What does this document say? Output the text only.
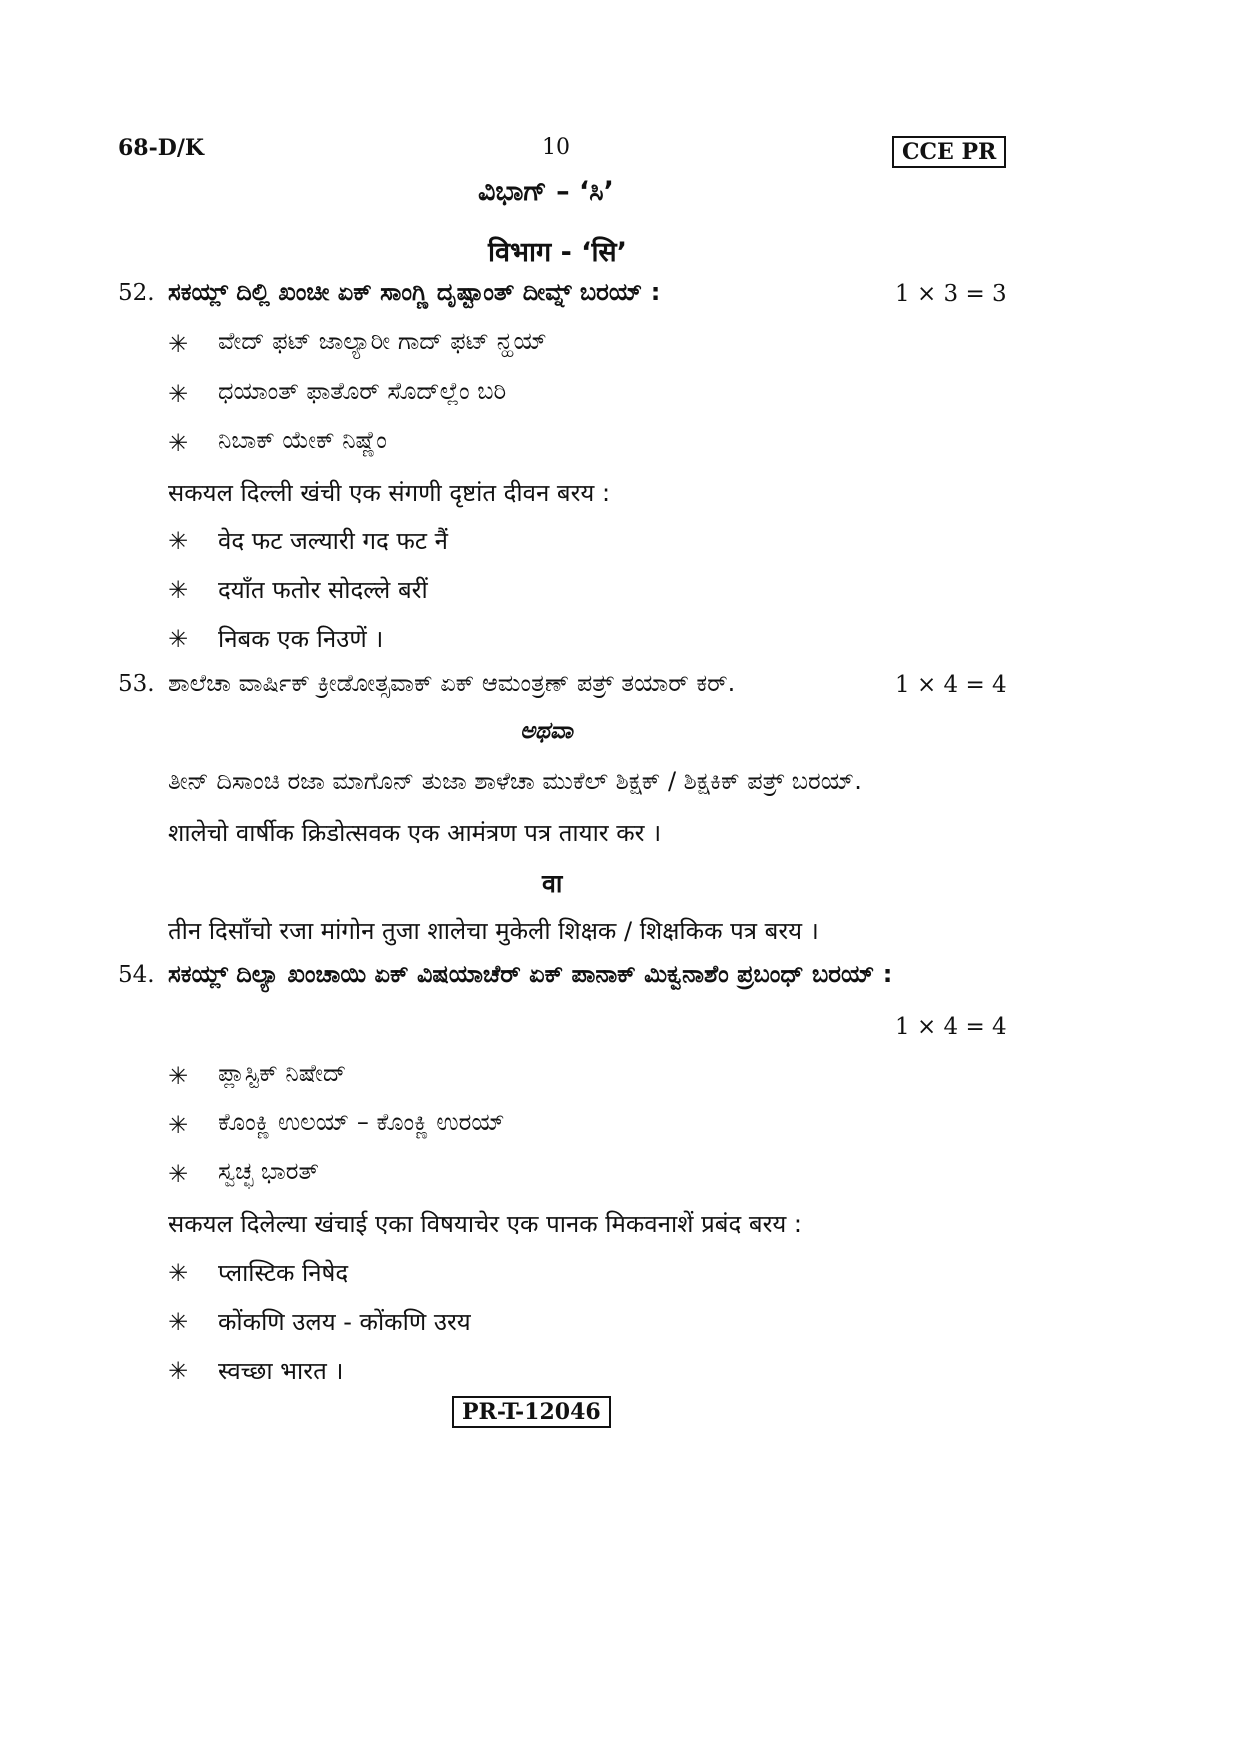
68-D/K	10	CCE PR
ವಿಭಾಗ್ – ‘ಸಿ’
विभाग - ‘सि’
52. ಸಕಯ್ಲ್ ದಿಲ್ಲಿ ಖಂಚೀ ಏಕ್ ಸಾಂಗ್ಣಿ ದೃಷ್ಟಾಂತ್ ದೀವ್ನ್ ಬರಯ್ :	1 × 3 = 3
✳ ವೇದ್ ಫಟ್ ಜಾಲ್ಯಾರೀ ಗಾದ್ ಫಟ್ ನ್ಹಯ್
✳ ಧಯಾಂತ್ ಫಾತೊರ್ ಸೊದ್‌ಲ್ಲೆಂ ಬರಿ
✳ ನಿಬಾಕ್ ಯೇಕ್ ನಿಷ್ಣೆಂ
सकयल दिल्ली खंची एक संगणी दृष्टांत दीवन बरय :
✳ वेद फट जल्यारी गद फट नैं
✳ दयाँत फतोर सोदल्ले बरीं
✳ निबक एक निउणें ।
53. ಶಾಲೆಚಾ ವಾರ್ಷಿಕ್ ಕ್ರೀಡೋತ್ಸವಾಕ್ ಏಕ್ ಆಮಂತ್ರಣ್ ಪತ್ರ್ ತಯಾರ್ ಕರ್.	1 × 4 = 4
ಅಥವಾ
ತೀನ್ ದಿಸಾಂಚಿ ರಜಾ ಮಾಗೊನ್ ತುಜಾ ಶಾಳೆಚಾ ಮುಕೆಲ್ ಶಿಕ್ಷಕ್ / ಶಿಕ್ಷಕಿಕ್ ಪತ್ರ್ ಬರಯ್.
शालेचो वार्षीक क्रिडोत्सवक एक आमंत्रण पत्र तायार कर ।
वा
तीन दिसाँचो रजा मांगोन तुजा शालेचा मुकेली शिक्षक / शिक्षकिक पत्र बरय ।
54. ಸಕಯ್ಲ್ ದಿಲ್ಯಾ ಖಂಚಾಯಿ ಏಕ್ ವಿಷಯಾಚೆರ್ ಏಕ್ ಪಾನಾಕ್ ಮಿಕ್ವನಾಶೆಂ ಪ್ರಬಂಧ್ ಬರಯ್ :
1 × 4 = 4
✳ ಪ್ಲಾಸ್ಟಿಕ್ ನಿಷೇದ್
✳ ಕೊಂಕ್ಣಿ ಉಲಯ್ – ಕೊಂಕ್ಣಿ ಉರಯ್
✳ ಸ್ವಚ್ಛ ಭಾರತ್
सकयल दिलेल्या खंचाई एका विषयाचेर एक पानक मिकवनाशें प्रबंद बरय :
✳ प्लास्टिक निषेद
✳ कोंकणि उलय - कोंकणि उरय
✳ स्वच्छा भारत ।
PR-T-12046
